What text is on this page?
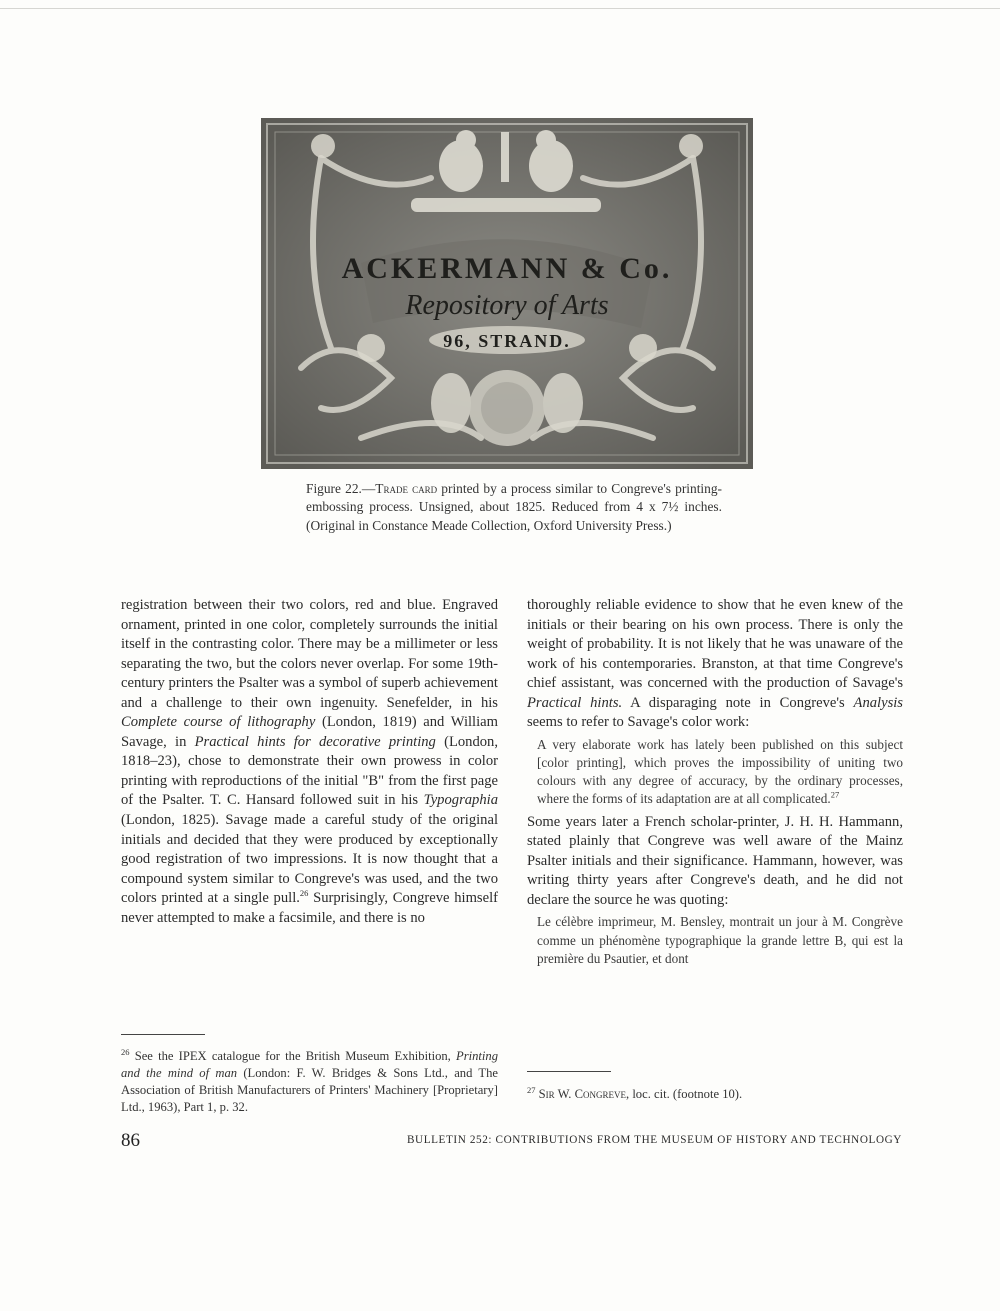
ACKERMANN & Co.
Repository of Arts
96, STRAND.

Figure 22.—Trade card printed by a process similar to Congreve's printing-embossing process. Unsigned, about 1825. Reduced from 4 x 7½ inches. (Original in Constance Meade Collection, Oxford University Press.)

registration between their two colors, red and blue. Engraved ornament, printed in one color, completely surrounds the initial itself in the contrasting color. There may be a millimeter or less separating the two, but the colors never overlap. For some 19th-century printers the Psalter was a symbol of superb achievement and a challenge to their own ingenuity. Senefelder, in his Complete course of lithography (London, 1819) and William Savage, in Practical hints for decorative printing (London, 1818–23), chose to demonstrate their own prowess in color printing with reproductions of the initial "B" from the first page of the Psalter. T. C. Hansard followed suit in his Typographia (London, 1825). Savage made a careful study of the original initials and decided that they were produced by exceptionally good registration of two impressions. It is now thought that a compound system similar to Congreve's was used, and the two colors printed at a single pull.$^{26}$ Surprisingly, Congreve himself never attempted to make a facsimile, and there is no

thoroughly reliable evidence to show that he even knew of the initials or their bearing on his own process. There is only the weight of probability. It is not likely that he was unaware of the work of his contemporaries. Branston, at that time Congreve's chief assistant, was concerned with the production of Savage's Practical hints. A disparaging note in Congreve's Analysis seems to refer to Savage's color work:

A very elaborate work has lately been published on this subject [color printing], which proves the impossibility of uniting two colours with any degree of accuracy, by the ordinary processes, where the forms of its adaptation are at all complicated.$^{27}$

Some years later a French scholar-printer, J. H. H. Hammann, stated plainly that Congreve was well aware of the Mainz Psalter initials and their significance. Hammann, however, was writing thirty years after Congreve's death, and he did not declare the source he was quoting:

Le célèbre imprimeur, M. Bensley, montrait un jour à M. Congrève comme un phénomène typographique la grande lettre B, qui est la première du Psautier, et dont

$^{26}$ See the IPEX catalogue for the British Museum Exhibition, Printing and the mind of man (London: F. W. Bridges & Sons Ltd., and The Association of British Manufacturers of Printers' Machinery [Proprietary] Ltd., 1963), Part 1, p. 32.

$^{27}$ Sir W. Congreve, loc. cit. (footnote 10).

86	BULLETIN 252: CONTRIBUTIONS FROM THE MUSEUM OF HISTORY AND TECHNOLOGY
